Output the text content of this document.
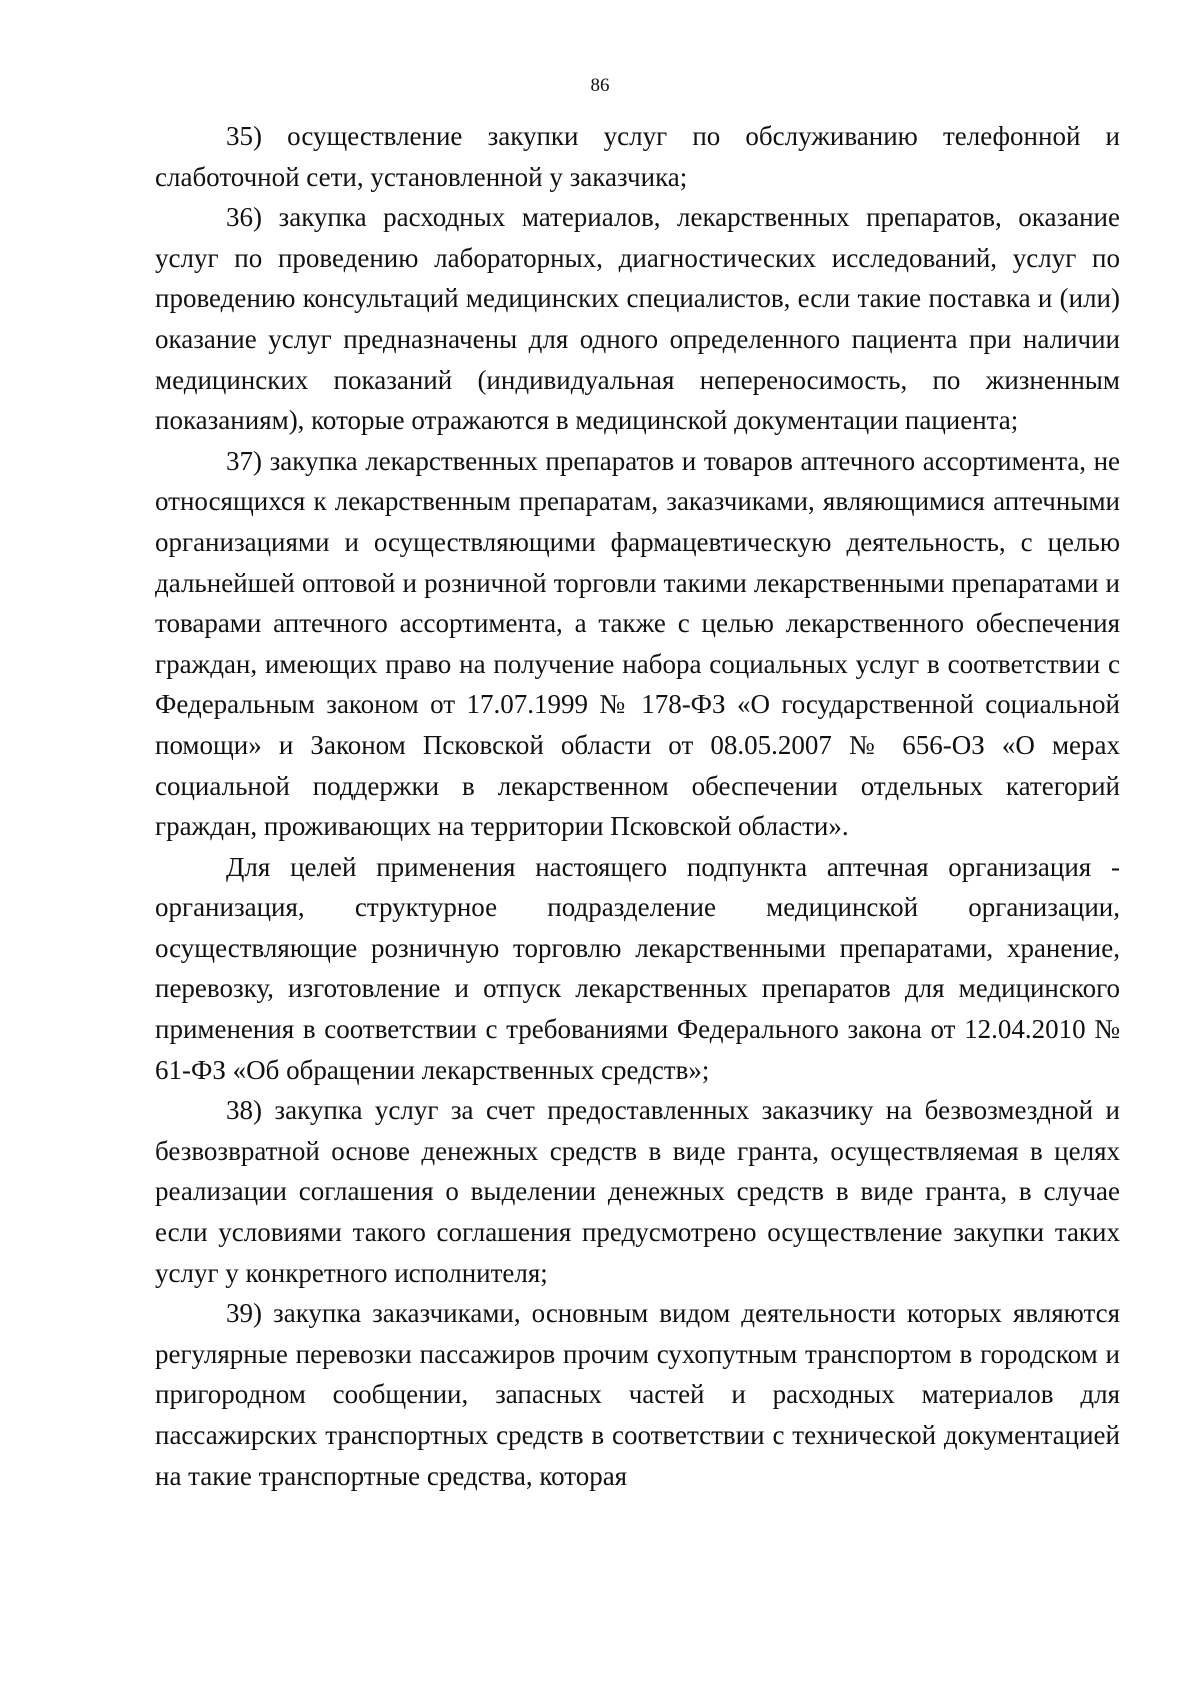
86

35) осуществление закупки услуг по обслуживанию телефонной и слаботочной сети, установленной у заказчика;

36) закупка расходных материалов, лекарственных препаратов, оказание услуг по проведению лабораторных, диагностических исследований, услуг по проведению консультаций медицинских специалистов, если такие поставка и (или) оказание услуг предназначены для одного определенного пациента при наличии медицинских показаний (индивидуальная непереносимость, по жизненным показаниям), которые отражаются в медицинской документации пациента;

37) закупка лекарственных препаратов и товаров аптечного ассортимента, не относящихся к лекарственным препаратам, заказчиками, являющимися аптечными организациями и осуществляющими фармацевтическую деятельность, с целью дальнейшей оптовой и розничной торговли такими лекарственными препаратами и товарами аптечного ассортимента, а также с целью лекарственного обеспечения граждан, имеющих право на получение набора социальных услуг в соответствии с Федеральным законом от 17.07.1999 № 178-ФЗ «О государственной социальной помощи» и Законом Псковской области от 08.05.2007 № 656-ОЗ «О мерах социальной поддержки в лекарственном обеспечении отдельных категорий граждан, проживающих на территории Псковской области».

Для целей применения настоящего подпункта аптечная организация - организация, структурное подразделение медицинской организации, осуществляющие розничную торговлю лекарственными препаратами, хранение, перевозку, изготовление и отпуск лекарственных препаратов для медицинского применения в соответствии с требованиями Федерального закона от 12.04.2010 № 61-ФЗ «Об обращении лекарственных средств»;

38) закупка услуг за счет предоставленных заказчику на безвозмездной и безвозвратной основе денежных средств в виде гранта, осуществляемая в целях реализации соглашения о выделении денежных средств в виде гранта, в случае если условиями такого соглашения предусмотрено осуществление закупки таких услуг у конкретного исполнителя;

39) закупка заказчиками, основным видом деятельности которых являются регулярные перевозки пассажиров прочим сухопутным транспортом в городском и пригородном сообщении, запасных частей и расходных материалов для пассажирских транспортных средств в соответствии с технической документацией на такие транспортные средства, которая
